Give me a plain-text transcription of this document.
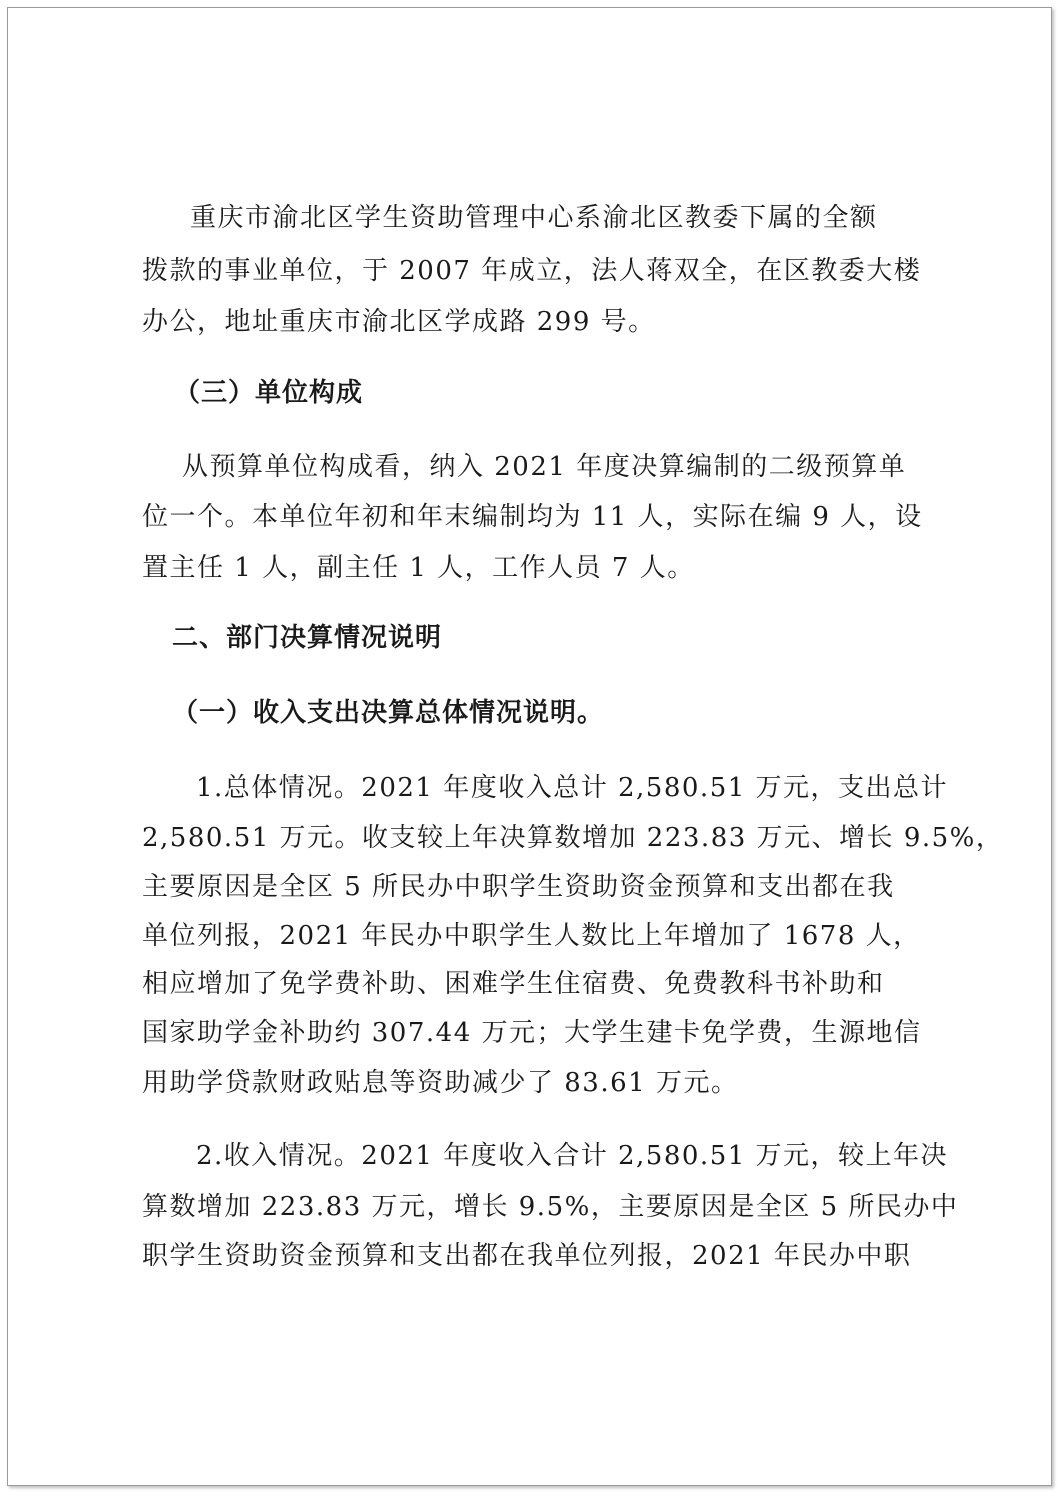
重庆市渝北区学生资助管理中心系渝北区教委下属的全额

拨款的事业单位，于 2007 年成立，法人蒋双全，在区教委大楼

办公，地址重庆市渝北区学成路 299 号。

（三）单位构成

从预算单位构成看，纳入 2021 年度决算编制的二级预算单

位一个。本单位年初和年末编制均为 11 人，实际在编 9 人，设

置主任 1 人，副主任 1 人，工作人员 7 人。

二、部门决算情况说明
（一）收入支出决算总体情况说明。

1.总体情况。2021 年度收入总计 2,580.51 万元，支出总计

2,580.51 万元。收支较上年决算数增加 223.83 万元、增长 9.5%，

主要原因是全区 5 所民办中职学生资助资金预算和支出都在我

单位列报，2021 年民办中职学生人数比上年增加了 1678 人，

相应增加了免学费补助、困难学生住宿费、免费教科书补助和

国家助学金补助约 307.44 万元；大学生建卡免学费，生源地信

用助学贷款财政贴息等资助减少了 83.61 万元。

2.收入情况。2021 年度收入合计 2,580.51 万元，较上年决

算数增加 223.83 万元，增长 9.5%，主要原因是全区 5 所民办中

职学生资助资金预算和支出都在我单位列报，2021 年民办中职
